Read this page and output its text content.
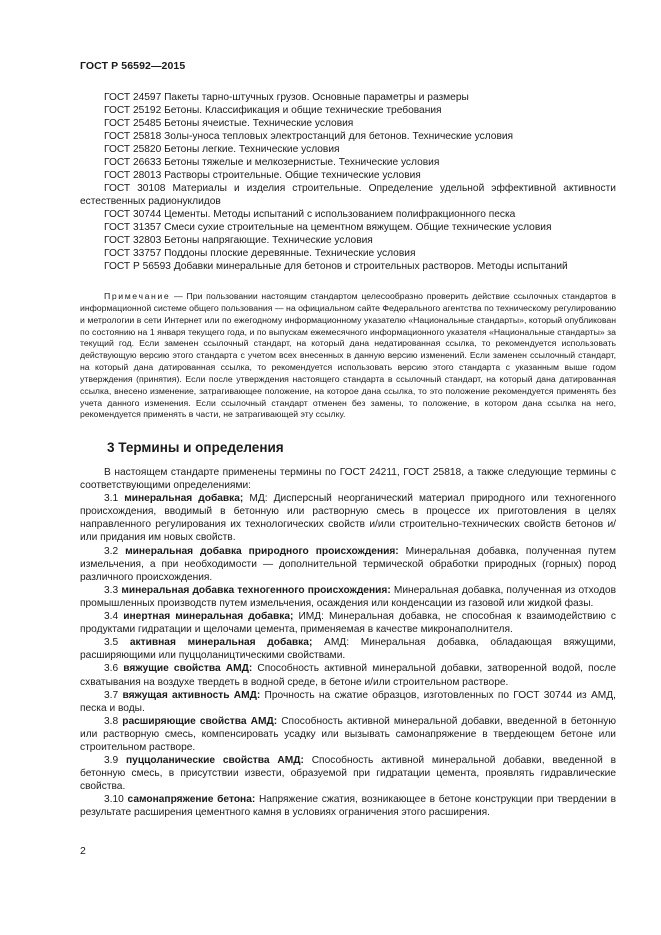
ГОСТ Р 56592—2015

ГОСТ 24597 Пакеты тарно-штучных грузов. Основные параметры и размеры

ГОСТ 25192 Бетоны. Классификация и общие технические требования

ГОСТ 25485 Бетоны ячеистые. Технические условия

ГОСТ 25818 Золы-уноса тепловых электростанций для бетонов. Технические условия

ГОСТ 25820 Бетоны легкие. Технические условия

ГОСТ 26633 Бетоны тяжелые и мелкозернистые. Технические условия

ГОСТ 28013 Растворы строительные. Общие технические условия

ГОСТ 30108 Материалы и изделия строительные. Определение удельной эффективной активности естественных радионуклидов

ГОСТ 30744 Цементы. Методы испытаний с использованием полифракционного песка

ГОСТ 31357 Смеси сухие строительные на цементном вяжущем. Общие технические условия

ГОСТ 32803 Бетоны напрягающие. Технические условия

ГОСТ 33757 Поддоны плоские деревянные. Технические условия

ГОСТ Р 56593 Добавки минеральные для бетонов и строительных растворов. Методы испытаний

Примечание — При пользовании настоящим стандартом целесообразно проверить действие ссылочных стандартов в информационной системе общего пользования — на официальном сайте Федерального агентства по техническому регулированию и метрологии в сети Интернет или по ежегодному информационному указателю «Национальные стандарты», который опубликован по состоянию на 1 января текущего года, и по выпускам ежемесячного информационного указателя «Национальные стандарты» за текущий год. Если заменен ссылочный стандарт, на который дана недатированная ссылка, то рекомендуется использовать действующую версию этого стандарта с учетом всех внесенных в данную версию изменений. Если заменен ссылочный стандарт, на который дана датированная ссылка, то рекомендуется использовать версию этого стандарта с указанным выше годом утверждения (принятия). Если после утверждения настоящего стандарта в ссылочный стандарт, на который дана датированная ссылка, внесено изменение, затрагивающее положение, на которое дана ссылка, то это положение рекомендуется применять без учета данного изменения. Если ссылочный стандарт отменен без замены, то положение, в котором дана ссылка на него, рекомендуется применять в части, не затрагивающей эту ссылку.

3 Термины и определения

В настоящем стандарте применены термины по ГОСТ 24211, ГОСТ 25818, а также следующие термины с соответствующими определениями:

3.1 минеральная добавка; МД: Дисперсный неорганический материал природного или техногенного происхождения, вводимый в бетонную или растворную смесь в процессе их приготовления в целях направленного регулирования их технологических свойств и/или строительно-технических свойств бетонов и/или придания им новых свойств.

3.2 минеральная добавка природного происхождения: Минеральная добавка, полученная путем измельчения, а при необходимости — дополнительной термической обработки природных (горных) пород различного происхождения.

3.3 минеральная добавка техногенного происхождения: Минеральная добавка, полученная из отходов промышленных производств путем измельчения, осаждения или конденсации из газовой или жидкой фазы.

3.4 инертная минеральная добавка; ИМД: Минеральная добавка, не способная к взаимодействию с продуктами гидратации и щелочами цемента, применяемая в качестве микронаполнителя.

3.5 активная минеральная добавка; АМД: Минеральная добавка, обладающая вяжущими, расширяющими или пуццолаництическими свойствами.

3.6 вяжущие свойства АМД: Способность активной минеральной добавки, затворенной водой, после схватывания на воздухе твердеть в водной среде, в бетоне и/или строительном растворе.

3.7 вяжущая активность АМД: Прочность на сжатие образцов, изготовленных по ГОСТ 30744 из АМД, песка и воды.

3.8 расширяющие свойства АМД: Способность активной минеральной добавки, введенной в бетонную или растворную смесь, компенсировать усадку или вызывать самонапряжение в твердеющем бетоне или строительном растворе.

3.9 пуццоланические свойства АМД: Способность активной минеральной добавки, введенной в бетонную смесь, в присутствии извести, образуемой при гидратации цемента, проявлять гидравлические свойства.

3.10 самонапряжение бетона: Напряжение сжатия, возникающее в бетоне конструкции при твердении в результате расширения цементного камня в условиях ограничения этого расширения.

2
